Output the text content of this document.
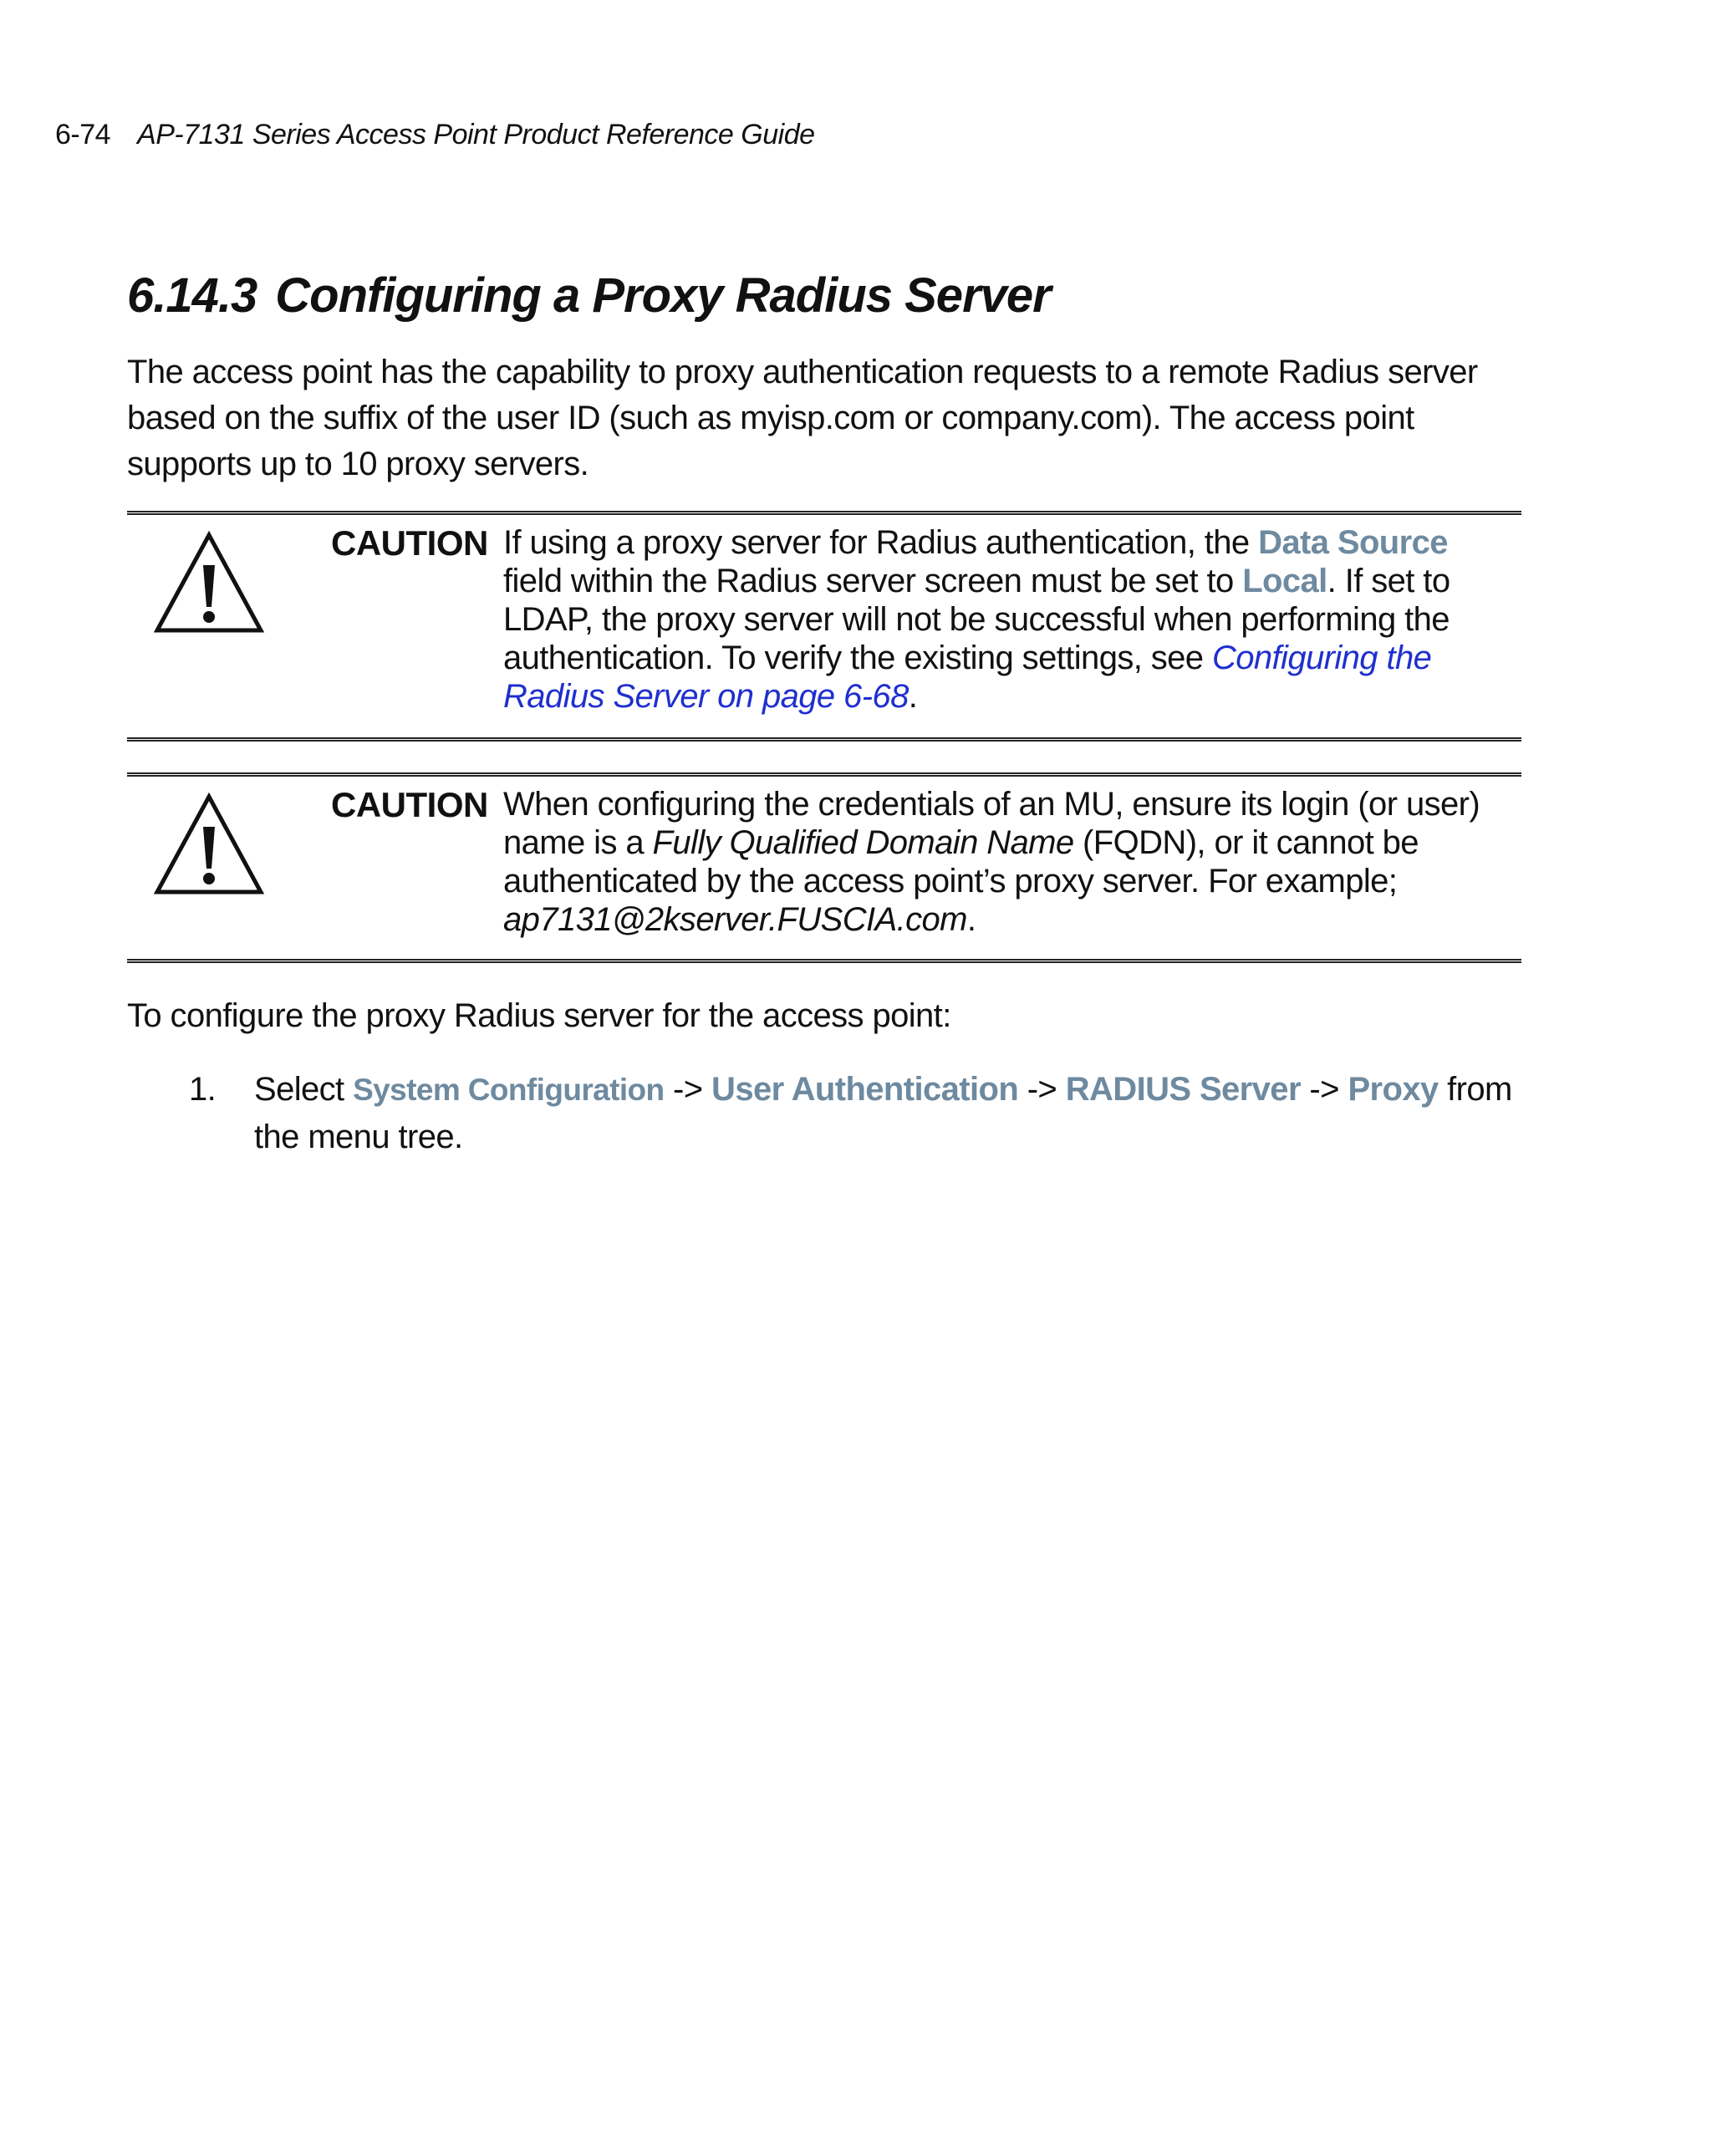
6-74 AP-7131 Series Access Point Product Reference Guide
6.14.3 Configuring a Proxy Radius Server

The access point has the capability to proxy authentication requests to a remote Radius server based on the suffix of the user ID (such as myisp.com or company.com). The access point supports up to 10 proxy servers.

CAUTION If using a proxy server for Radius authentication, the Data Source field within the Radius server screen must be set to Local. If set to LDAP, the proxy server will not be successful when performing the authentication. To verify the existing settings, see Configuring the Radius Server on page 6-68.

CAUTION When configuring the credentials of an MU, ensure its login (or user) name is a Fully Qualified Domain Name (FQDN), or it cannot be authenticated by the access point’s proxy server. For example; ap7131@2kserver.FUSCIA.com.

To configure the proxy Radius server for the access point:

1. Select System Configuration -> User Authentication -> RADIUS Server -> Proxy from the menu tree.
